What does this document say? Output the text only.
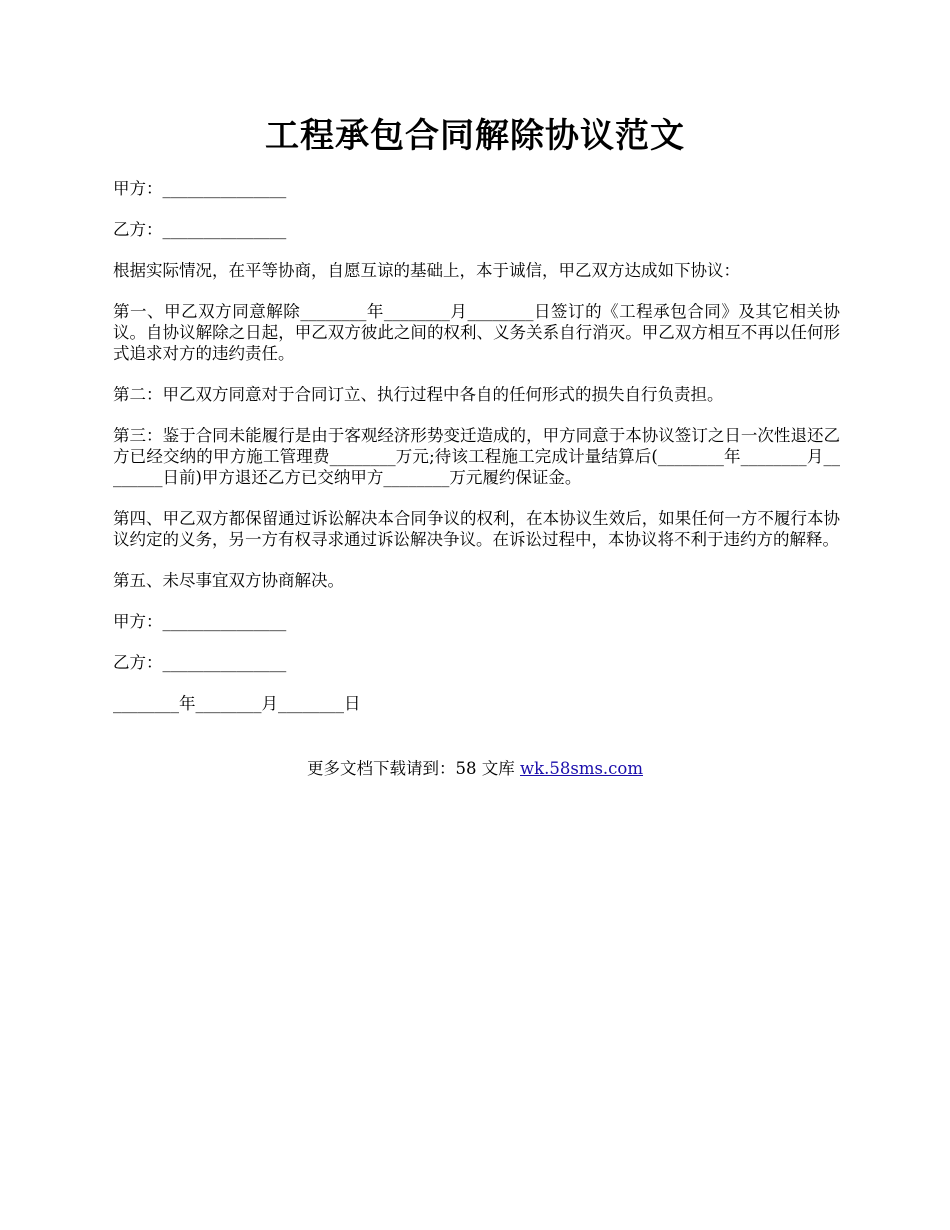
工程承包合同解除协议范文

甲方：_______________

乙方：_______________

根据实际情况，在平等协商，自愿互谅的基础上，本于诚信，甲乙双方达成如下协议：

第一、甲乙双方同意解除________年________月________日签订的《工程承包合同》及其它相关协议。自协议解除之日起，甲乙双方彼此之间的权利、义务关系自行消灭。甲乙双方相互不再以任何形式追求对方的违约责任。

第二：甲乙双方同意对于合同订立、执行过程中各自的任何形式的损失自行负责担。

第三：鉴于合同未能履行是由于客观经济形势变迁造成的，甲方同意于本协议签订之日一次性退还乙方已经交纳的甲方施工管理费________万元;待该工程施工完成计量结算后(________年________月________日前)甲方退还乙方已交纳甲方________万元履约保证金。

第四、甲乙双方都保留通过诉讼解决本合同争议的权利，在本协议生效后，如果任何一方不履行本协议约定的义务，另一方有权寻求通过诉讼解决争议。在诉讼过程中，本协议将不利于违约方的解释。

第五、未尽事宜双方协商解决。

甲方：_______________

乙方：_______________

________年________月________日

更多文档下载请到：58 文库 wk.58sms.com
